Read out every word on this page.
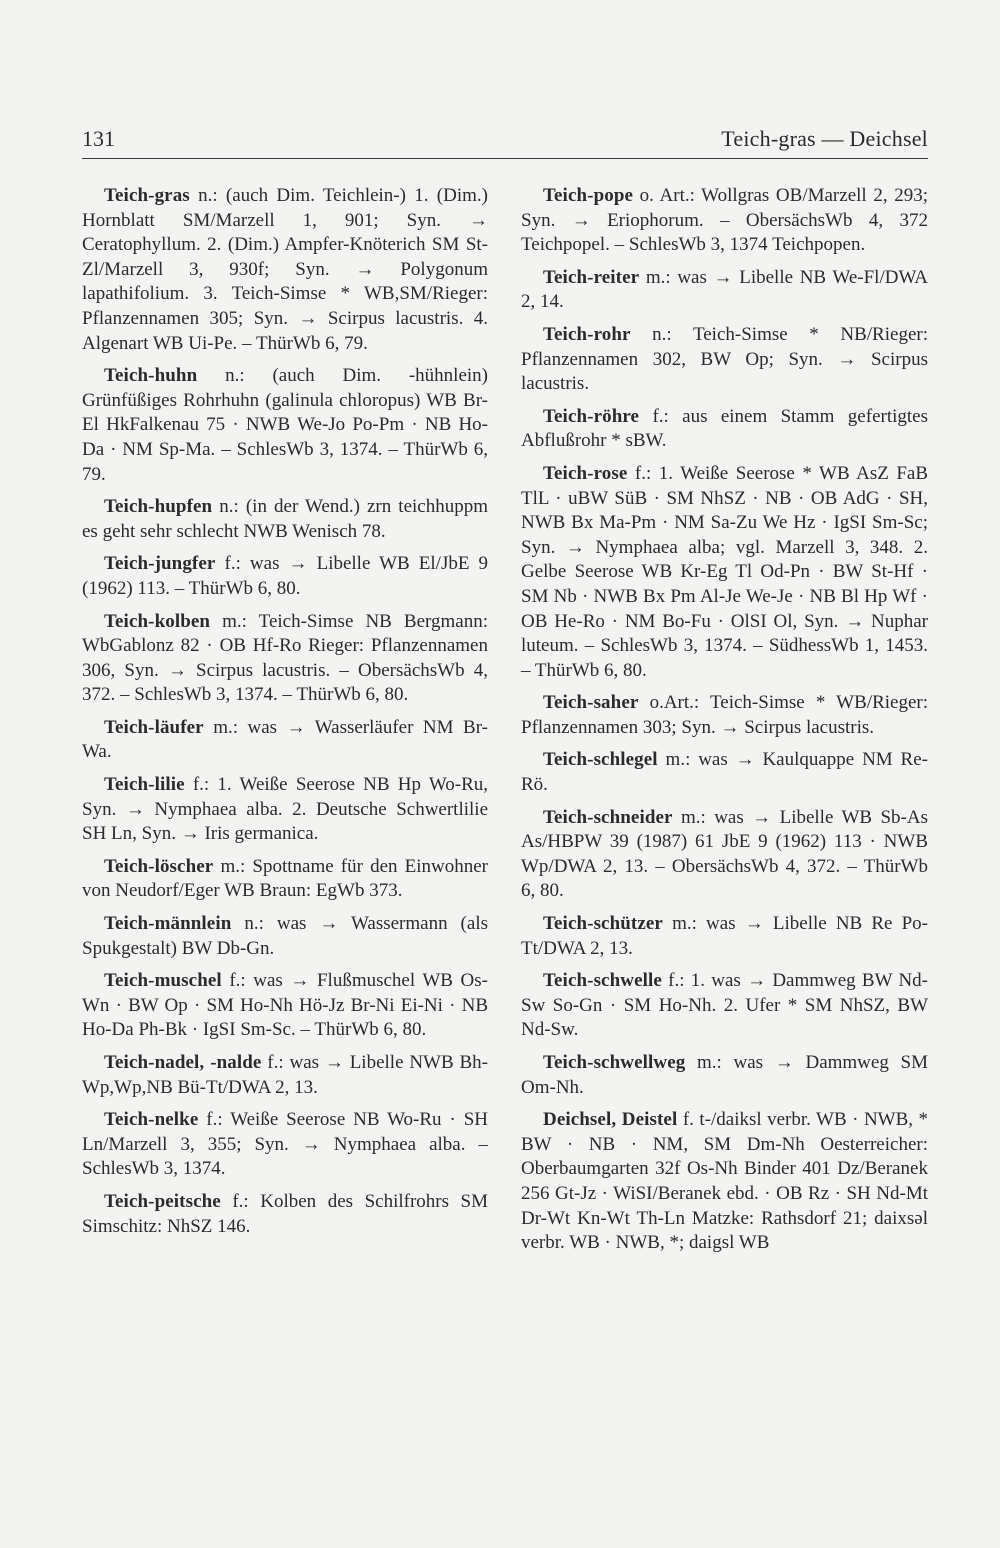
131	Teich-gras — Deichsel

Teich-gras n.: (auch Dim. Teichlein-) 1. (Dim.) Hornblatt SM/Marzell 1, 901; Syn. → Ceratophyllum. 2. (Dim.) Ampfer-Knöterich SM St-Zl/Marzell 3, 930f; Syn. → Polygonum lapathifolium. 3. Teich-Simse * WB,SM/Rieger: Pflanzennamen 305; Syn. → Scirpus lacustris. 4. Algenart WB Ui-Pe. – ThürWb 6, 79.

Teich-huhn n.: (auch Dim. -hühnlein) Grünfüßiges Rohrhuhn (galinula chloropus) WB Br-El HkFalkenau 75 · NWB We-Jo Po-Pm · NB Ho-Da · NM Sp-Ma. – SchlesWb 3, 1374. – ThürWb 6, 79.

Teich-hupfen n.: (in der Wend.) zrn teichhuppm es geht sehr schlecht NWB Wenisch 78.

Teich-jungfer f.: was → Libelle WB El/JbE 9 (1962) 113. – ThürWb 6, 80.

Teich-kolben m.: Teich-Simse NB Bergmann: WbGablonz 82 · OB Hf-Ro Rieger: Pflanzennamen 306, Syn. → Scirpus lacustris. – ObersächsWb 4, 372. – SchlesWb 3, 1374. – ThürWb 6, 80.

Teich-läufer m.: was → Wasserläufer NM Br-Wa.

Teich-lilie f.: 1. Weiße Seerose NB Hp Wo-Ru, Syn. → Nymphaea alba. 2. Deutsche Schwertlilie SH Ln, Syn. → Iris germanica.

Teich-löscher m.: Spottname für den Einwohner von Neudorf/Eger WB Braun: EgWb 373.

Teich-männlein n.: was → Wassermann (als Spukgestalt) BW Db-Gn.

Teich-muschel f.: was → Flußmuschel WB Os-Wn · BW Op · SM Ho-Nh Hö-Jz Br-Ni Ei-Ni · NB Ho-Da Ph-Bk · IgSI Sm-Sc. – ThürWb 6, 80.

Teich-nadel, -nalde f.: was → Libelle NWB Bh-Wp,Wp,NB Bü-Tt/DWA 2, 13.

Teich-nelke f.: Weiße Seerose NB Wo-Ru · SH Ln/Marzell 3, 355; Syn. → Nymphaea alba. – SchlesWb 3, 1374.

Teich-peitsche f.: Kolben des Schilfrohrs SM Simschitz: NhSZ 146.

Teich-pope o. Art.: Wollgras OB/Marzell 2, 293; Syn. → Eriophorum. – ObersächsWb 4, 372 Teichpopel. – SchlesWb 3, 1374 Teichpopen.

Teich-reiter m.: was → Libelle NB We-Fl/DWA 2, 14.

Teich-rohr n.: Teich-Simse * NB/Rieger: Pflanzennamen 302, BW Op; Syn. → Scirpus lacustris.

Teich-röhre f.: aus einem Stamm gefertigtes Abflußrohr * sBW.

Teich-rose f.: 1. Weiße Seerose * WB AsZ FaB TlL · uBW SüB · SM NhSZ · NB · OB AdG · SH, NWB Bx Ma-Pm · NM Sa-Zu We Hz · IgSI Sm-Sc; Syn. → Nymphaea alba; vgl. Marzell 3, 348. 2. Gelbe Seerose WB Kr-Eg Tl Od-Pn · BW St-Hf · SM Nb · NWB Bx Pm Al-Je We-Je · NB Bl Hp Wf · OB He-Ro · NM Bo-Fu · OlSI Ol, Syn. → Nuphar luteum. – SchlesWb 3, 1374. – SüdhessWb 1, 1453. – ThürWb 6, 80.

Teich-saher o.Art.: Teich-Simse * WB/Rieger: Pflanzennamen 303; Syn. → Scirpus lacustris.

Teich-schlegel m.: was → Kaulquappe NM Re-Rö.

Teich-schneider m.: was → Libelle WB Sb-As As/HBPW 39 (1987) 61 JbE 9 (1962) 113 · NWB Wp/DWA 2, 13. – ObersächsWb 4, 372. – ThürWb 6, 80.

Teich-schützer m.: was → Libelle NB Re Po-Tt/DWA 2, 13.

Teich-schwelle f.: 1. was → Dammweg BW Nd-Sw So-Gn · SM Ho-Nh. 2. Ufer * SM NhSZ, BW Nd-Sw.

Teich-schwellweg m.: was → Dammweg SM Om-Nh.

Deichsel, Deistel f. t-/daiksl verbr. WB · NWB, * BW · NB · NM, SM Dm-Nh Oesterreicher: Oberbaumgarten 32f Os-Nh Binder 401 Dz/Beranek 256 Gt-Jz · WiSI/Beranek ebd. · OB Rz · SH Nd-Mt Dr-Wt Kn-Wt Th-Ln Matzke: Rathsdorf 21; daixsəl verbr. WB · NWB, *; daigsl WB
